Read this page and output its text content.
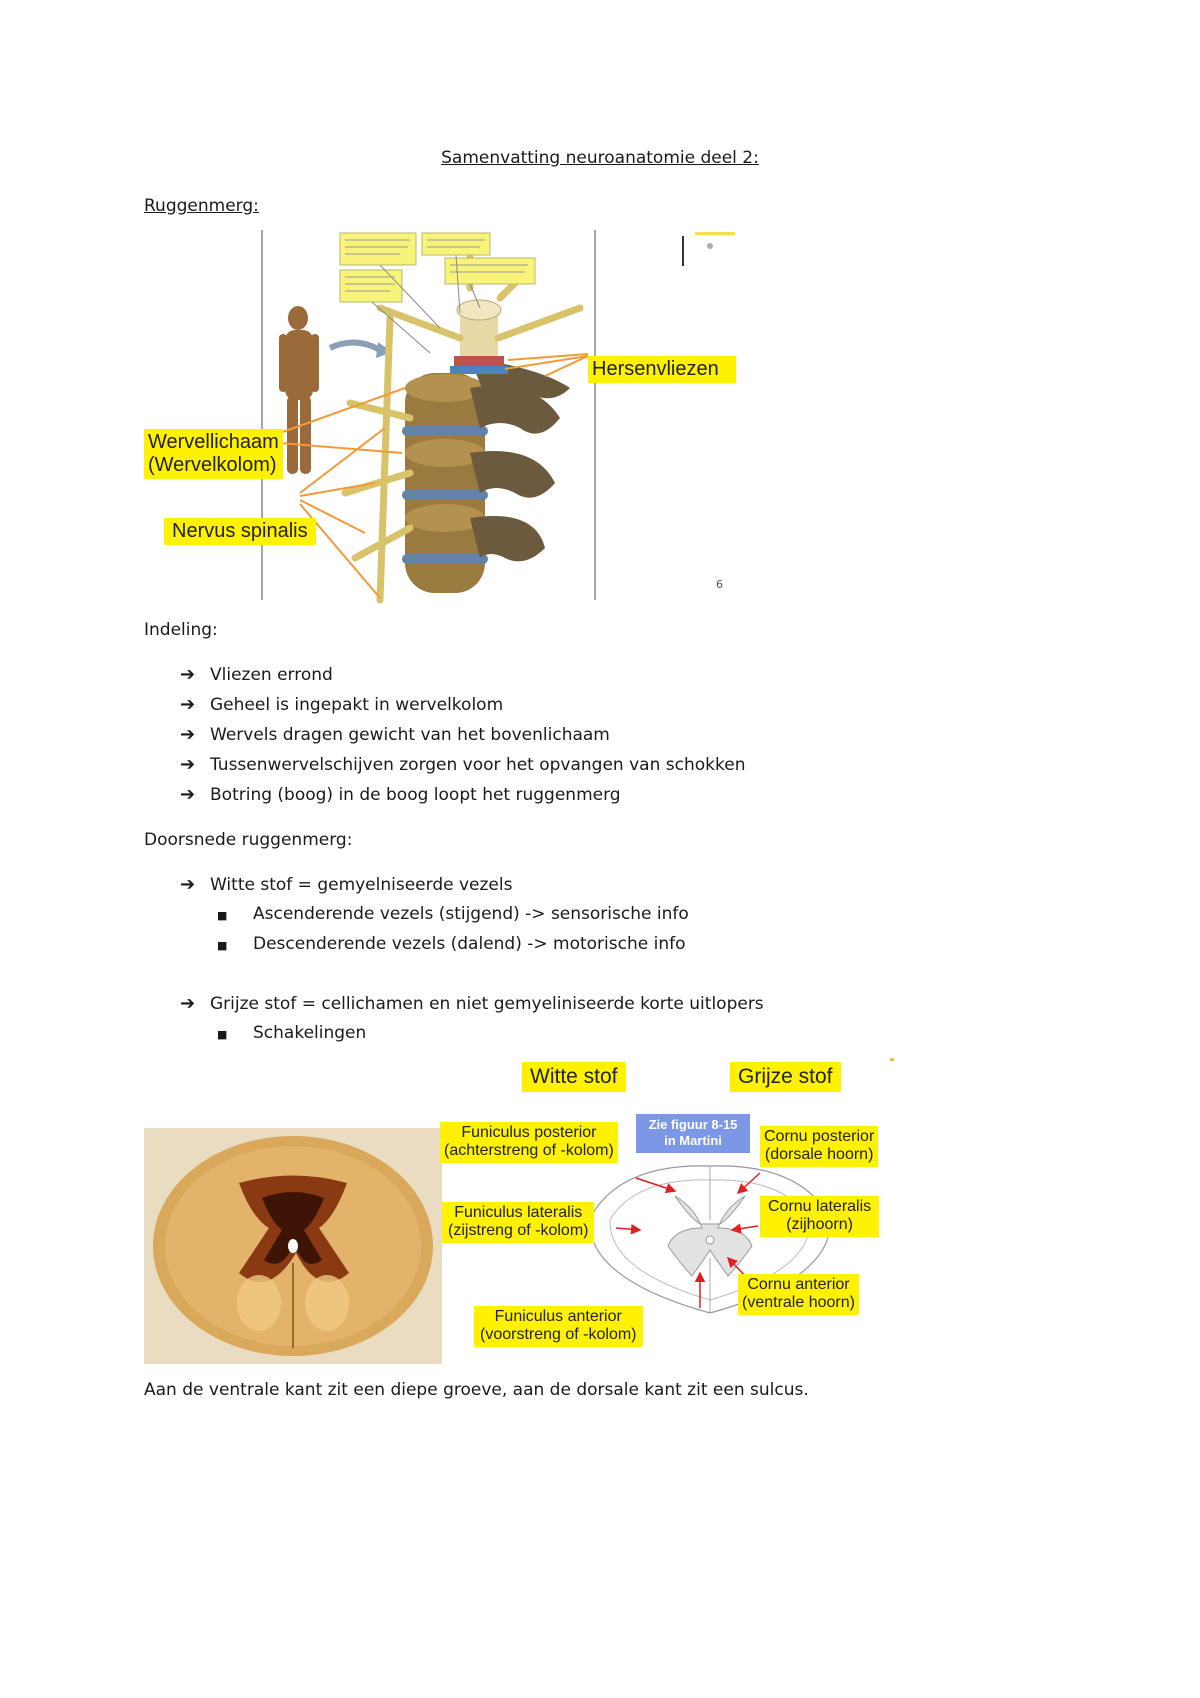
Samenvatting neuroanatomie deel 2:
Ruggenmerg:
Wervellichaam
(Wervelkolom)
Nervus spinalis
Hersenvliezen
6
Indeling:
➔ Vliezen errond
➔ Geheel is ingepakt in wervelkolom
➔ Wervels dragen gewicht van het bovenlichaam
➔ Tussenwervelschijven zorgen voor het opvangen van schokken
➔ Botring (boog) in de boog loopt het ruggenmerg
Doorsnede ruggenmerg:
➔ Witte stof = gemyelniseerde vezels
■ Ascenderende vezels (stijgend) -> sensorische info
■ Descenderende vezels (dalend) -> motorische info
➔ Grijze stof = cellichamen en niet gemyeliniseerde korte uitlopers
■ Schakelingen
Witte stof	Grijze stof
Zie figuur 8-15
in Martini
Funiculus posterior
(achterstreng of -kolom)
Funiculus lateralis
(zijstreng of -kolom)
Funiculus anterior
(voorstreng of -kolom)
Cornu posterior
(dorsale hoorn)
Cornu lateralis
(zijhoorn)
Cornu anterior
(ventrale hoorn)
Aan de ventrale kant zit een diepe groeve, aan de dorsale kant zit een sulcus.
